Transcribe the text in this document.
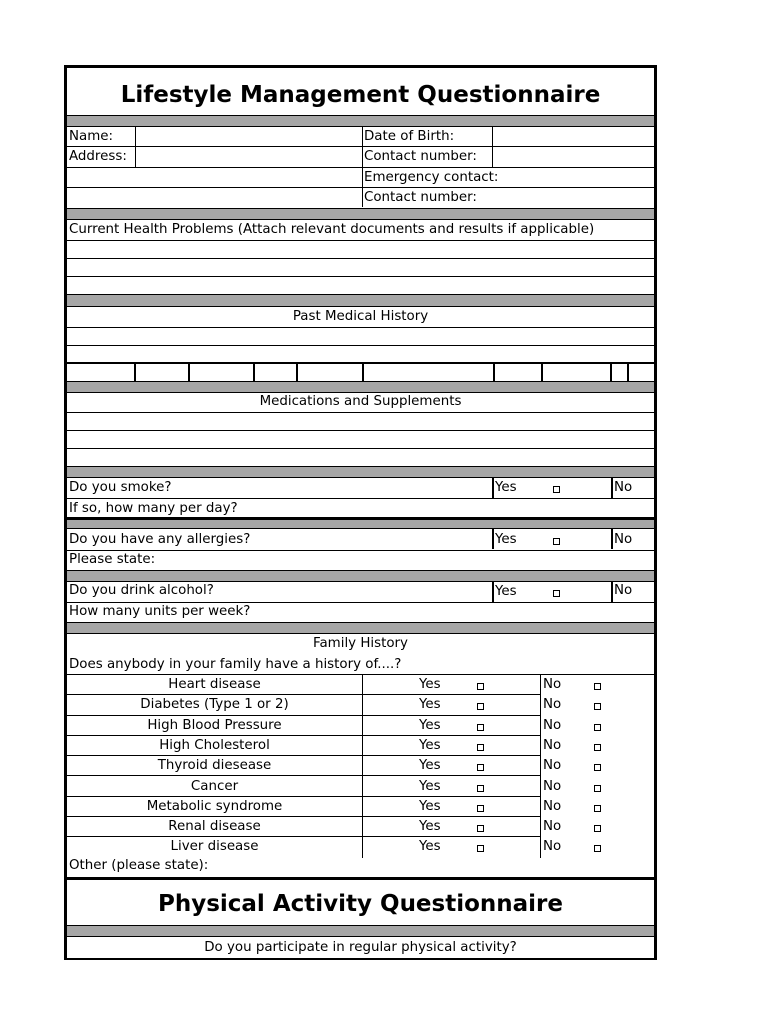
Lifestyle Management Questionnaire
Name:	Date of Birth:
Address:	Contact number:
Emergency contact:
Contact number:
Current Health Problems (Attach relevant documents and results if applicable)
Past Medical History
Medications and Supplements
Do you smoke?	Yes	No
If so, how many per day?
Do you have any allergies?	Yes	No
Please state:
Do you drink alcohol?	Yes	No
How many units per week?
Family History
Does anybody in your family have a history of....?
Heart disease	Yes	No
Diabetes (Type 1 or 2)	Yes	No
High Blood Pressure	Yes	No
High Cholesterol	Yes	No
Thyroid diesease	Yes	No
Cancer	Yes	No
Metabolic syndrome	Yes	No
Renal disease	Yes	No
Liver disease	Yes	No
Other (please state):
Physical Activity Questionnaire
Do you participate in regular physical activity?
